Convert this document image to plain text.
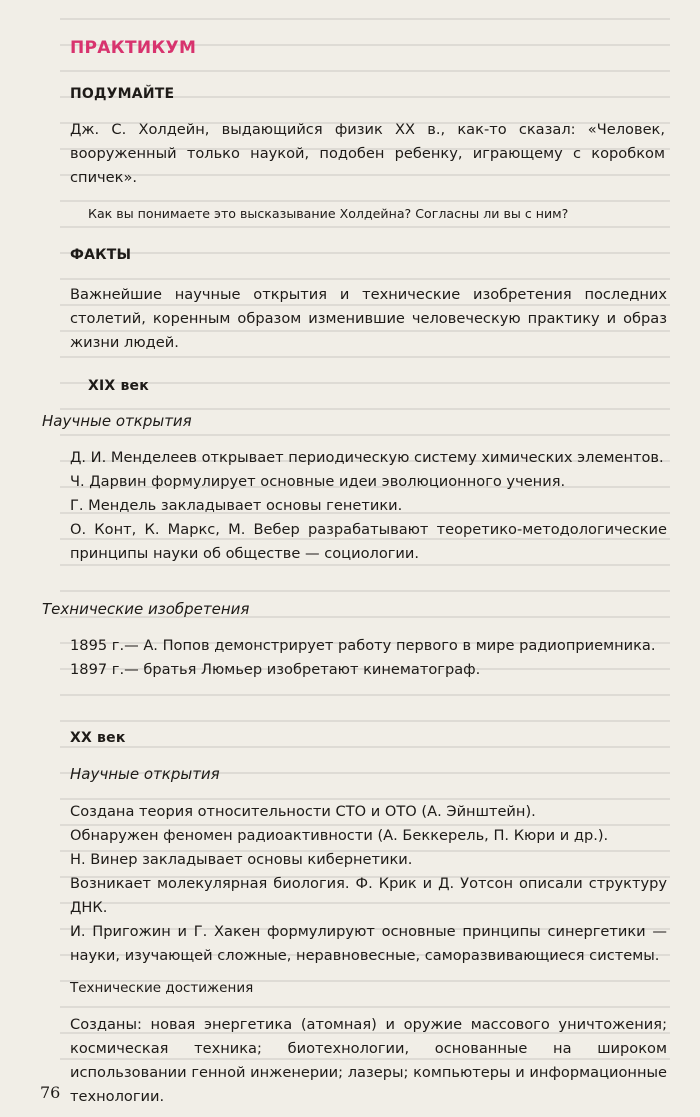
ПРАКТИКУМ
ПОДУМАЙТЕ

Дж. С. Холдейн, выдающийся физик XX в., как-то сказал: «Человек, вооруженный только наукой, подобен ребенку, играющему с коробком спичек».

Как вы понимаете это высказывание Холдейна? Согласны ли вы с ним?
ФАКТЫ
Важнейшие научные открытия и технические изобретения последних столетий, коренным образом изменившие человеческую практику и образ жизни людей.
XIX век
Научные открытия

Д. И. Менделеев открывает периодическую систему химических элементов.

Ч. Дарвин формулирует основные идеи эволюционного учения.

Г. Мендель закладывает основы генетики.

О. Конт, К. Маркс, М. Вебер разрабатывают теоретико-методологические принципы науки об обществе — социологии.

Технические изобретения

1895 г.— А. Попов демонстрирует работу первого в мире радиоприемника.

1897 г.— братья Люмьер изобретают кинематограф.

XX век
Научные открытия

Создана теория относительности СТО и ОТО (А. Эйнштейн).

Обнаружен феномен радиоактивности (А. Беккерель, П. Кюри и др.).

Н. Винер закладывает основы кибернетики.

Возникает молекулярная биология. Ф. Крик и Д. Уотсон описали структуру ДНК.

И. Пригожин и Г. Хакен формулируют основные принципы синергетики — науки, изучающей сложные, неравновесные, саморазвивающиеся системы.

Технические достижения
Созданы: новая энергетика (атомная) и оружие массового уничтожения; космическая техника; биотехнологии, основанные на широком использовании генной инженерии; лазеры; компьютеры и информационные технологии.
76
